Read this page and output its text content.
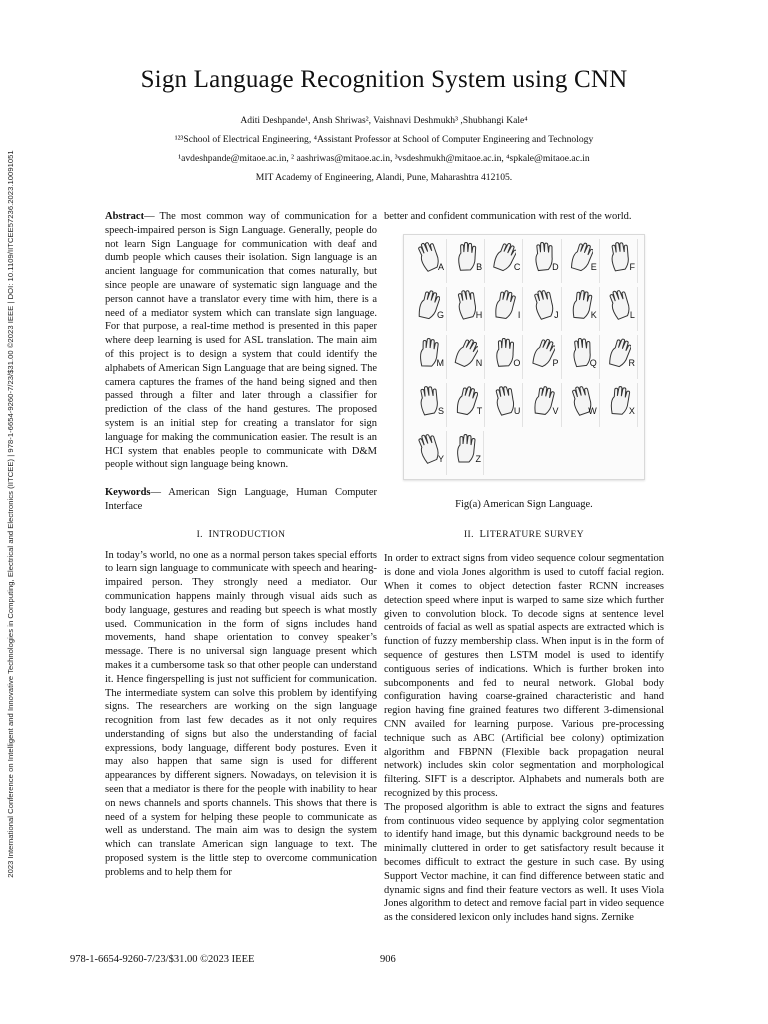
2023 International Conference on Intelligent and Innovative Technologies in Computing, Electrical and Electronics (IITCEE) | 978-1-6654-9260-7/23/$31.00 ©2023 IEEE | DOI: 10.1109/IITCEE57236.2023.10091051
Sign Language Recognition System using CNN
Aditi Deshpande¹, Ansh Shriwas², Vaishnavi Deshmukh³ ,Shubhangi Kale⁴
¹²³School of Electrical Engineering, ⁴Assistant Professor at School of Computer Engineering and Technology
¹avdeshpande@mitaoe.ac.in, ² aashriwas@mitaoe.ac.in, ³vsdeshmukh@mitaoe.ac.in, ⁴spkale@mitaoe.ac.in
MIT Academy of Engineering, Alandi, Pune, Maharashtra 412105.

Abstract— The most common way of communication for a speech-impaired person is Sign Language. Generally, people do not learn Sign Language for communication with deaf and dumb people which causes their isolation. Sign language is an ancient language for communication that comes naturally, but since people are unaware of systematic sign language and the person cannot have a translator every time with him, there is a need of a mediator system which can translate sign language. For that purpose, a real-time method is presented in this paper where deep learning is used for ASL translation. The main aim of this project is to design a system that could identify the alphabets of American Sign Language that are being signed. The camera captures the frames of the hand being signed and then passed through a filter and later through a classifier for prediction of the class of the hand gestures. The proposed system is an initial step for creating a translator for sign language for making the communication easier. The result is an HCI system that enables people to communicate with D&M people without sign language being known.

Keywords— American Sign Language, Human Computer Interface

I. INTRODUCTION

In today’s world, no one as a normal person takes special efforts to learn sign language to communicate with speech and hearing-impaired person. They strongly need a mediator. Our communication happens mainly through visual aids such as body language, gestures and reading but speech is what mostly used. Communication in the form of signs includes hand movements, hand shape orientation to convey speaker’s message. There is no universal sign language present which makes it a cumbersome task so that other people can understand it. Hence fingerspelling is just not sufficient for communication. The intermediate system can solve this problem by identifying signs. The researchers are working on the sign language recognition from last few decades as it not only requires understanding of signs but also the understanding of facial expressions, body language, different body postures. Even it may also happen that same sign is used for different appearances by different signers. Nowadays, on television it is seen that a mediator is there for the people with inability to hear on news channels and sports channels. This shows that there is need of a system for helping these people to communicate as well as understand. The main aim was to design the system which can translate American sign language to text. The proposed system is the little step to overcome communication problems and to help them for

better and confident communication with rest of the world.

A	B	C	D	E	F
G	H	I	J	K	L
M	N	O	P	Q	R
S	T	U	V	W	X
Y	Z
Fig(a) American Sign Language.
II. LITERATURE SURVEY

In order to extract signs from video sequence colour segmentation is done and viola Jones algorithm is used to cutoff facial region. When it comes to object detection faster RCNN increases detection speed where input is warped to same size which further given to convolution block. To decode signs at sentence level centroids of facial as well as spatial aspects are extracted which is function of fuzzy membership class. When input is in the form of sequence of gestures then LSTM model is used to identify contiguous series of indications. Which is further broken into subcomponents and fed to neural network. Global body configuration having coarse-grained characteristic and hand region having fine grained features two different 3-dimensional CNN availed for learning purpose. Various pre-processing technique such as ABC (Artificial bee colony) optimization algorithm and FBPNN (Flexible back propagation neural network) includes skin color segmentation and morphological filtering. SIFT is a descriptor. Alphabets and numerals both are recognized by this process.

The proposed algorithm is able to extract the signs and features from continuous video sequence by applying color segmentation to identify hand image, but this dynamic background needs to be minimally cluttered in order to get satisfactory result because it becomes difficult to extract the gesture in such case. By using Support Vector machine, it can find difference between static and dynamic signs and find their feature vectors as well. It uses Viola Jones algorithm to detect and remove facial part in video sequence as the considered lexicon only includes hand signs. Zernike

978-1-6654-9260-7/23/$31.00 ©2023 IEEE	906
